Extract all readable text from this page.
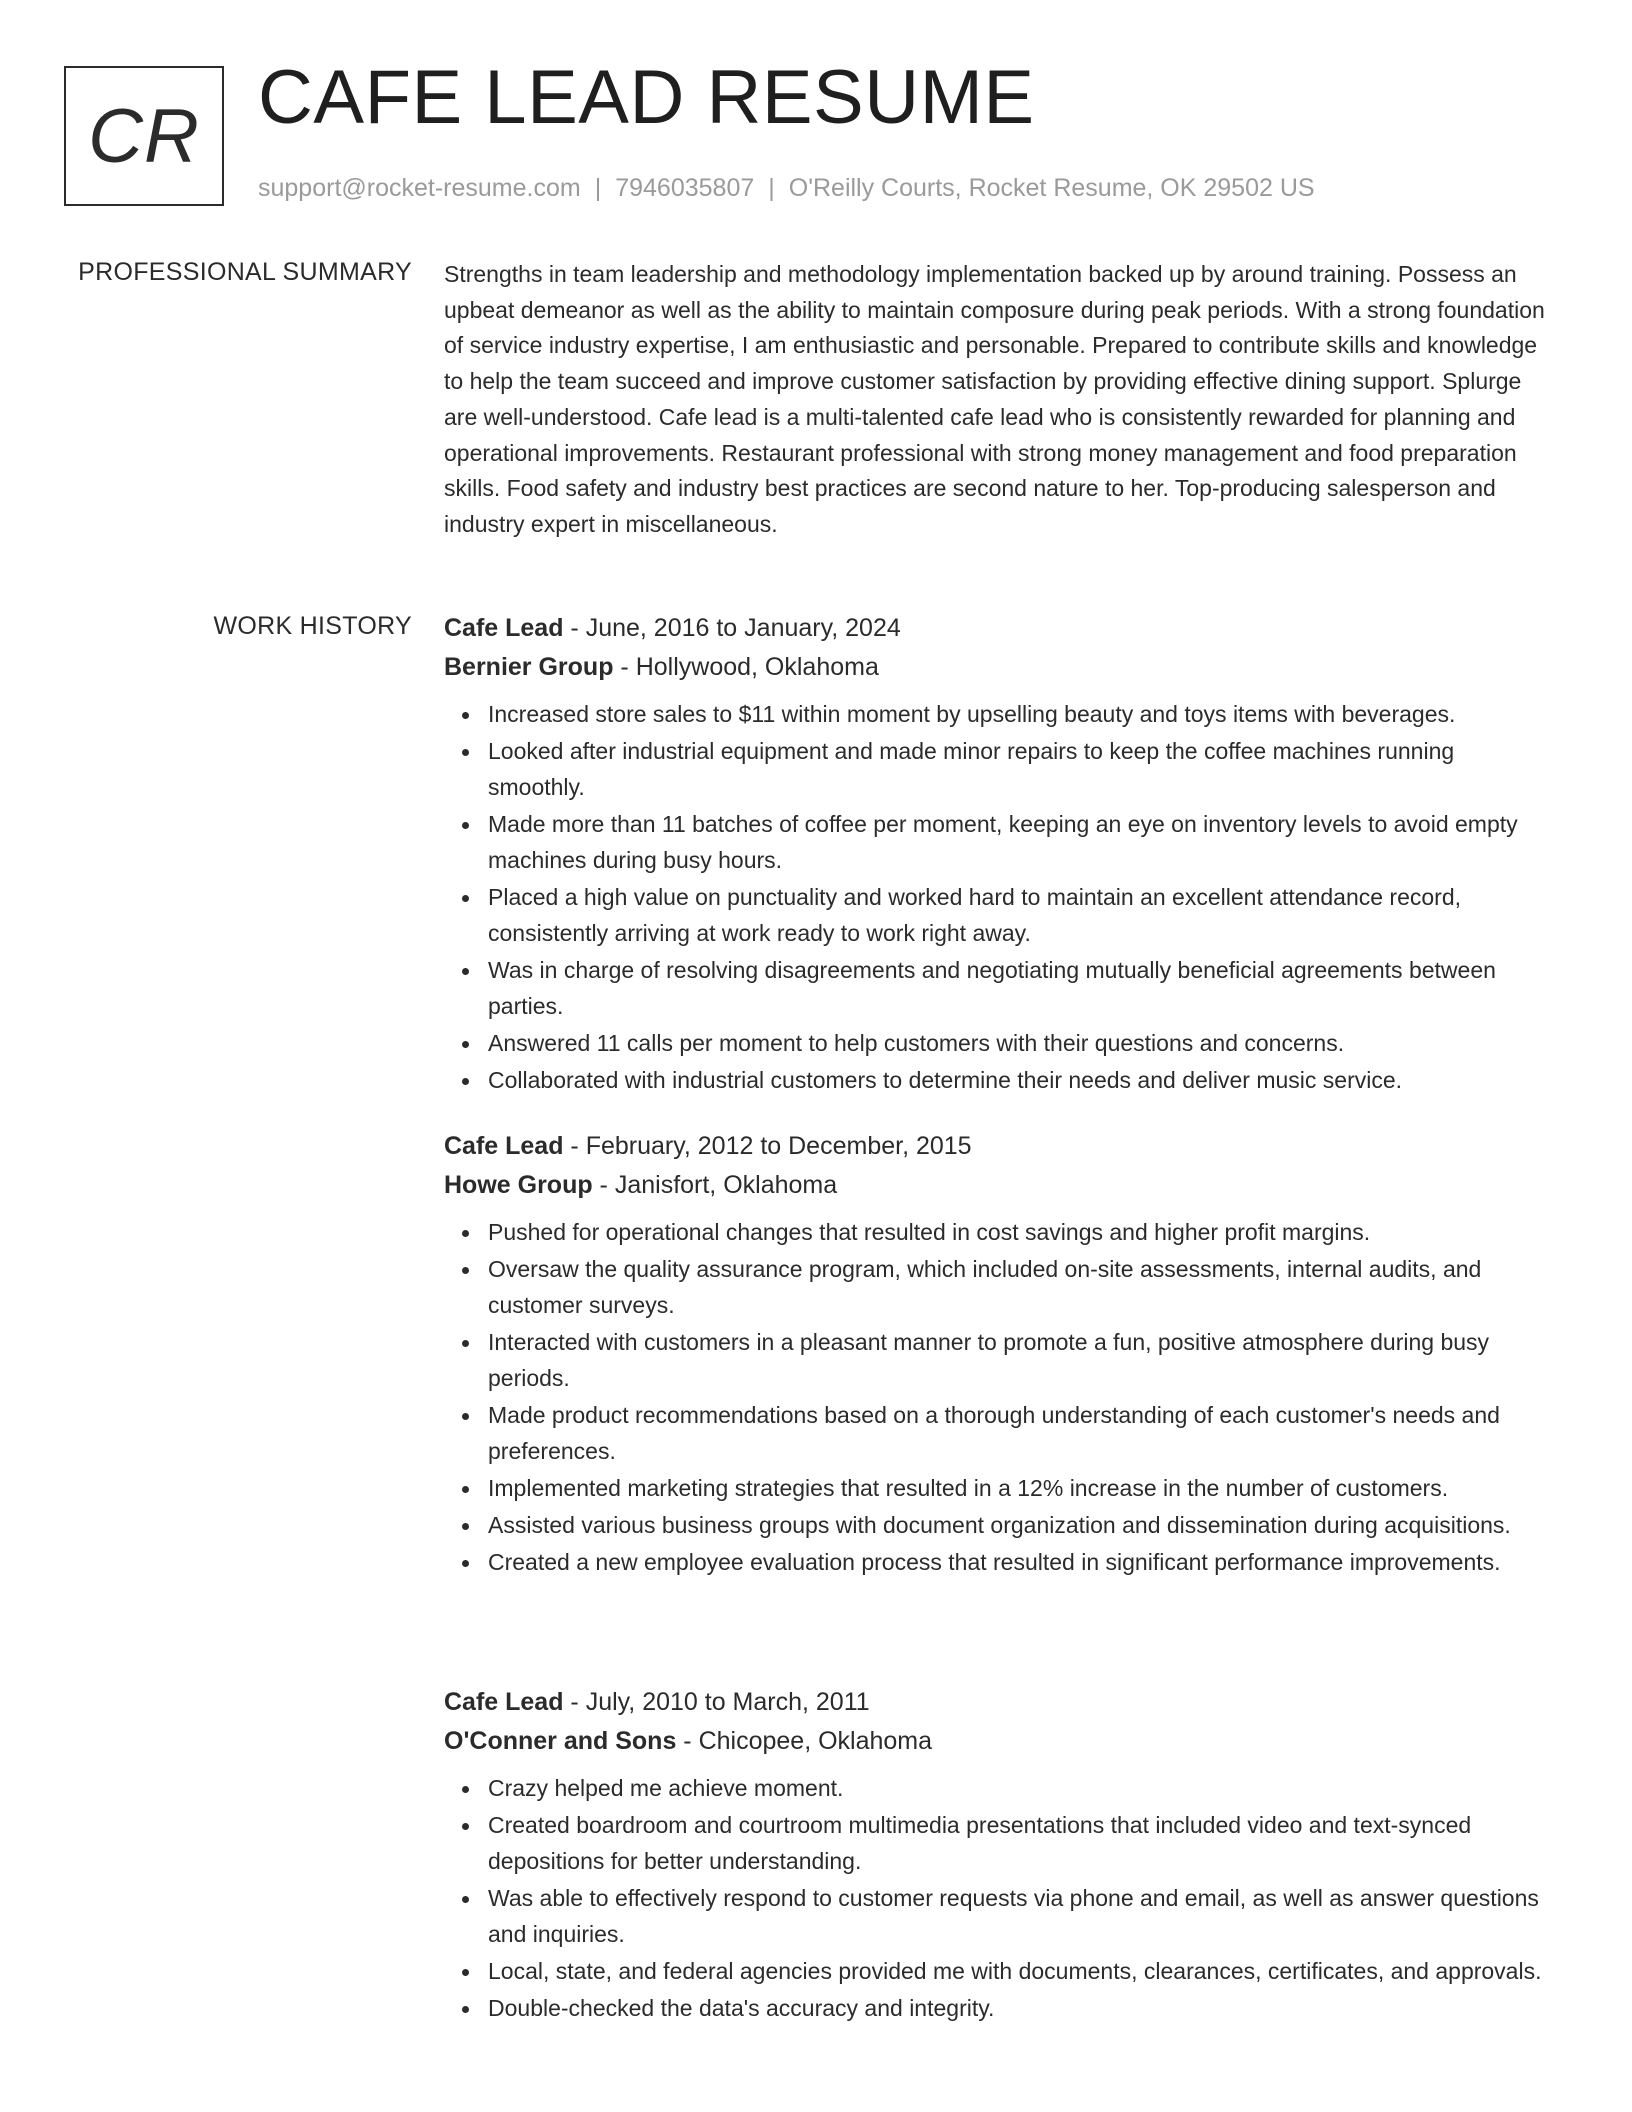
CR CAFE LEAD RESUME
support@rocket-resume.com | 7946035807 | O'Reilly Courts, Rocket Resume, OK 29502 US
PROFESSIONAL SUMMARY Strengths in team leadership and methodology implementation backed up by around training. Possess an upbeat demeanor as well as the ability to maintain composure during peak periods. With a strong foundation of service industry expertise, I am enthusiastic and personable. Prepared to contribute skills and knowledge to help the team succeed and improve customer satisfaction by providing effective dining support. Splurge are well-understood. Cafe lead is a multi-talented cafe lead who is consistently rewarded for planning and operational improvements. Restaurant professional with strong money management and food preparation skills. Food safety and industry best practices are second nature to her. Top-producing salesperson and industry expert in miscellaneous.

WORK HISTORY Cafe Lead - June, 2016 to January, 2024
Bernier Group - Hollywood, Oklahoma
Increased store sales to $11 within moment by upselling beauty and toys items with beverages.
Looked after industrial equipment and made minor repairs to keep the coffee machines running smoothly.
Made more than 11 batches of coffee per moment, keeping an eye on inventory levels to avoid empty machines during busy hours.
Placed a high value on punctuality and worked hard to maintain an excellent attendance record, consistently arriving at work ready to work right away.
Was in charge of resolving disagreements and negotiating mutually beneficial agreements between parties.
Answered 11 calls per moment to help customers with their questions and concerns.
Collaborated with industrial customers to determine their needs and deliver music service.
Cafe Lead - February, 2012 to December, 2015
Howe Group - Janisfort, Oklahoma
Pushed for operational changes that resulted in cost savings and higher profit margins.
Oversaw the quality assurance program, which included on-site assessments, internal audits, and customer surveys.
Interacted with customers in a pleasant manner to promote a fun, positive atmosphere during busy periods.
Made product recommendations based on a thorough understanding of each customer's needs and preferences.
Implemented marketing strategies that resulted in a 12% increase in the number of customers.
Assisted various business groups with document organization and dissemination during acquisitions.
Created a new employee evaluation process that resulted in significant performance improvements.
Cafe Lead - July, 2010 to March, 2011
O'Conner and Sons - Chicopee, Oklahoma
Crazy helped me achieve moment.
Created boardroom and courtroom multimedia presentations that included video and text-synced depositions for better understanding.
Was able to effectively respond to customer requests via phone and email, as well as answer questions and inquiries.
Local, state, and federal agencies provided me with documents, clearances, certificates, and approvals.
Double-checked the data's accuracy and integrity.
